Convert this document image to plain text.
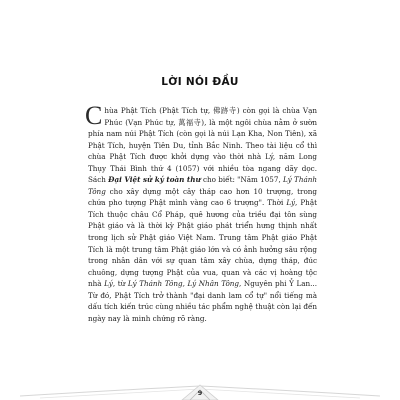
LỜI NÓI ĐẦU
Chùa Phật Tích (Phật Tích tự, 佛跡寺) còn gọi là chùa Vạn Phúc (Vạn Phúc tự, 萬福寺), là một ngôi chùa nằm ở sườn phía nam núi Phật Tích (còn gọi là núi Lạn Kha, Non Tiên), xã Phật Tích, huyện Tiên Du, tỉnh Bắc Ninh. Theo tài liệu cổ thì chùa Phật Tích được khởi dựng vào thời nhà Lý, năm Long Thụy Thái Bình thứ 4 (1057) với nhiều tòa ngang dãy dọc. Sách Đại Việt sử ký toàn thư cho biết: "Năm 1057, Lý Thánh Tông cho xây dựng một cây tháp cao hơn 10 trượng, trong chứa pho tượng Phật mình vàng cao 6 trượng". Thời Lý, Phật Tích thuộc châu Cổ Pháp, quê hương của triều đại tôn sùng Phật giáo và là thời kỳ Phật giáo phát triển hưng thịnh nhất trong lịch sử Phật giáo Việt Nam. Trung tâm Phật giáo Phật Tích là một trung tâm Phật giáo lớn và có ảnh hưởng sâu rộng trong nhân dân với sự quan tâm xây chùa, dựng tháp, đúc chuông, dựng tượng Phật của vua, quan và các vị hoàng tộc nhà Lý, từ Lý Thánh Tông, Lý Nhân Tông, Nguyên phi Ỷ Lan... Từ đó, Phật Tích trở thành "đại danh lam cổ tự" nổi tiếng mà dấu tích kiến trúc cùng nhiều tác phẩm nghệ thuật còn lại đến ngày nay là minh chứng rõ ràng.
9
